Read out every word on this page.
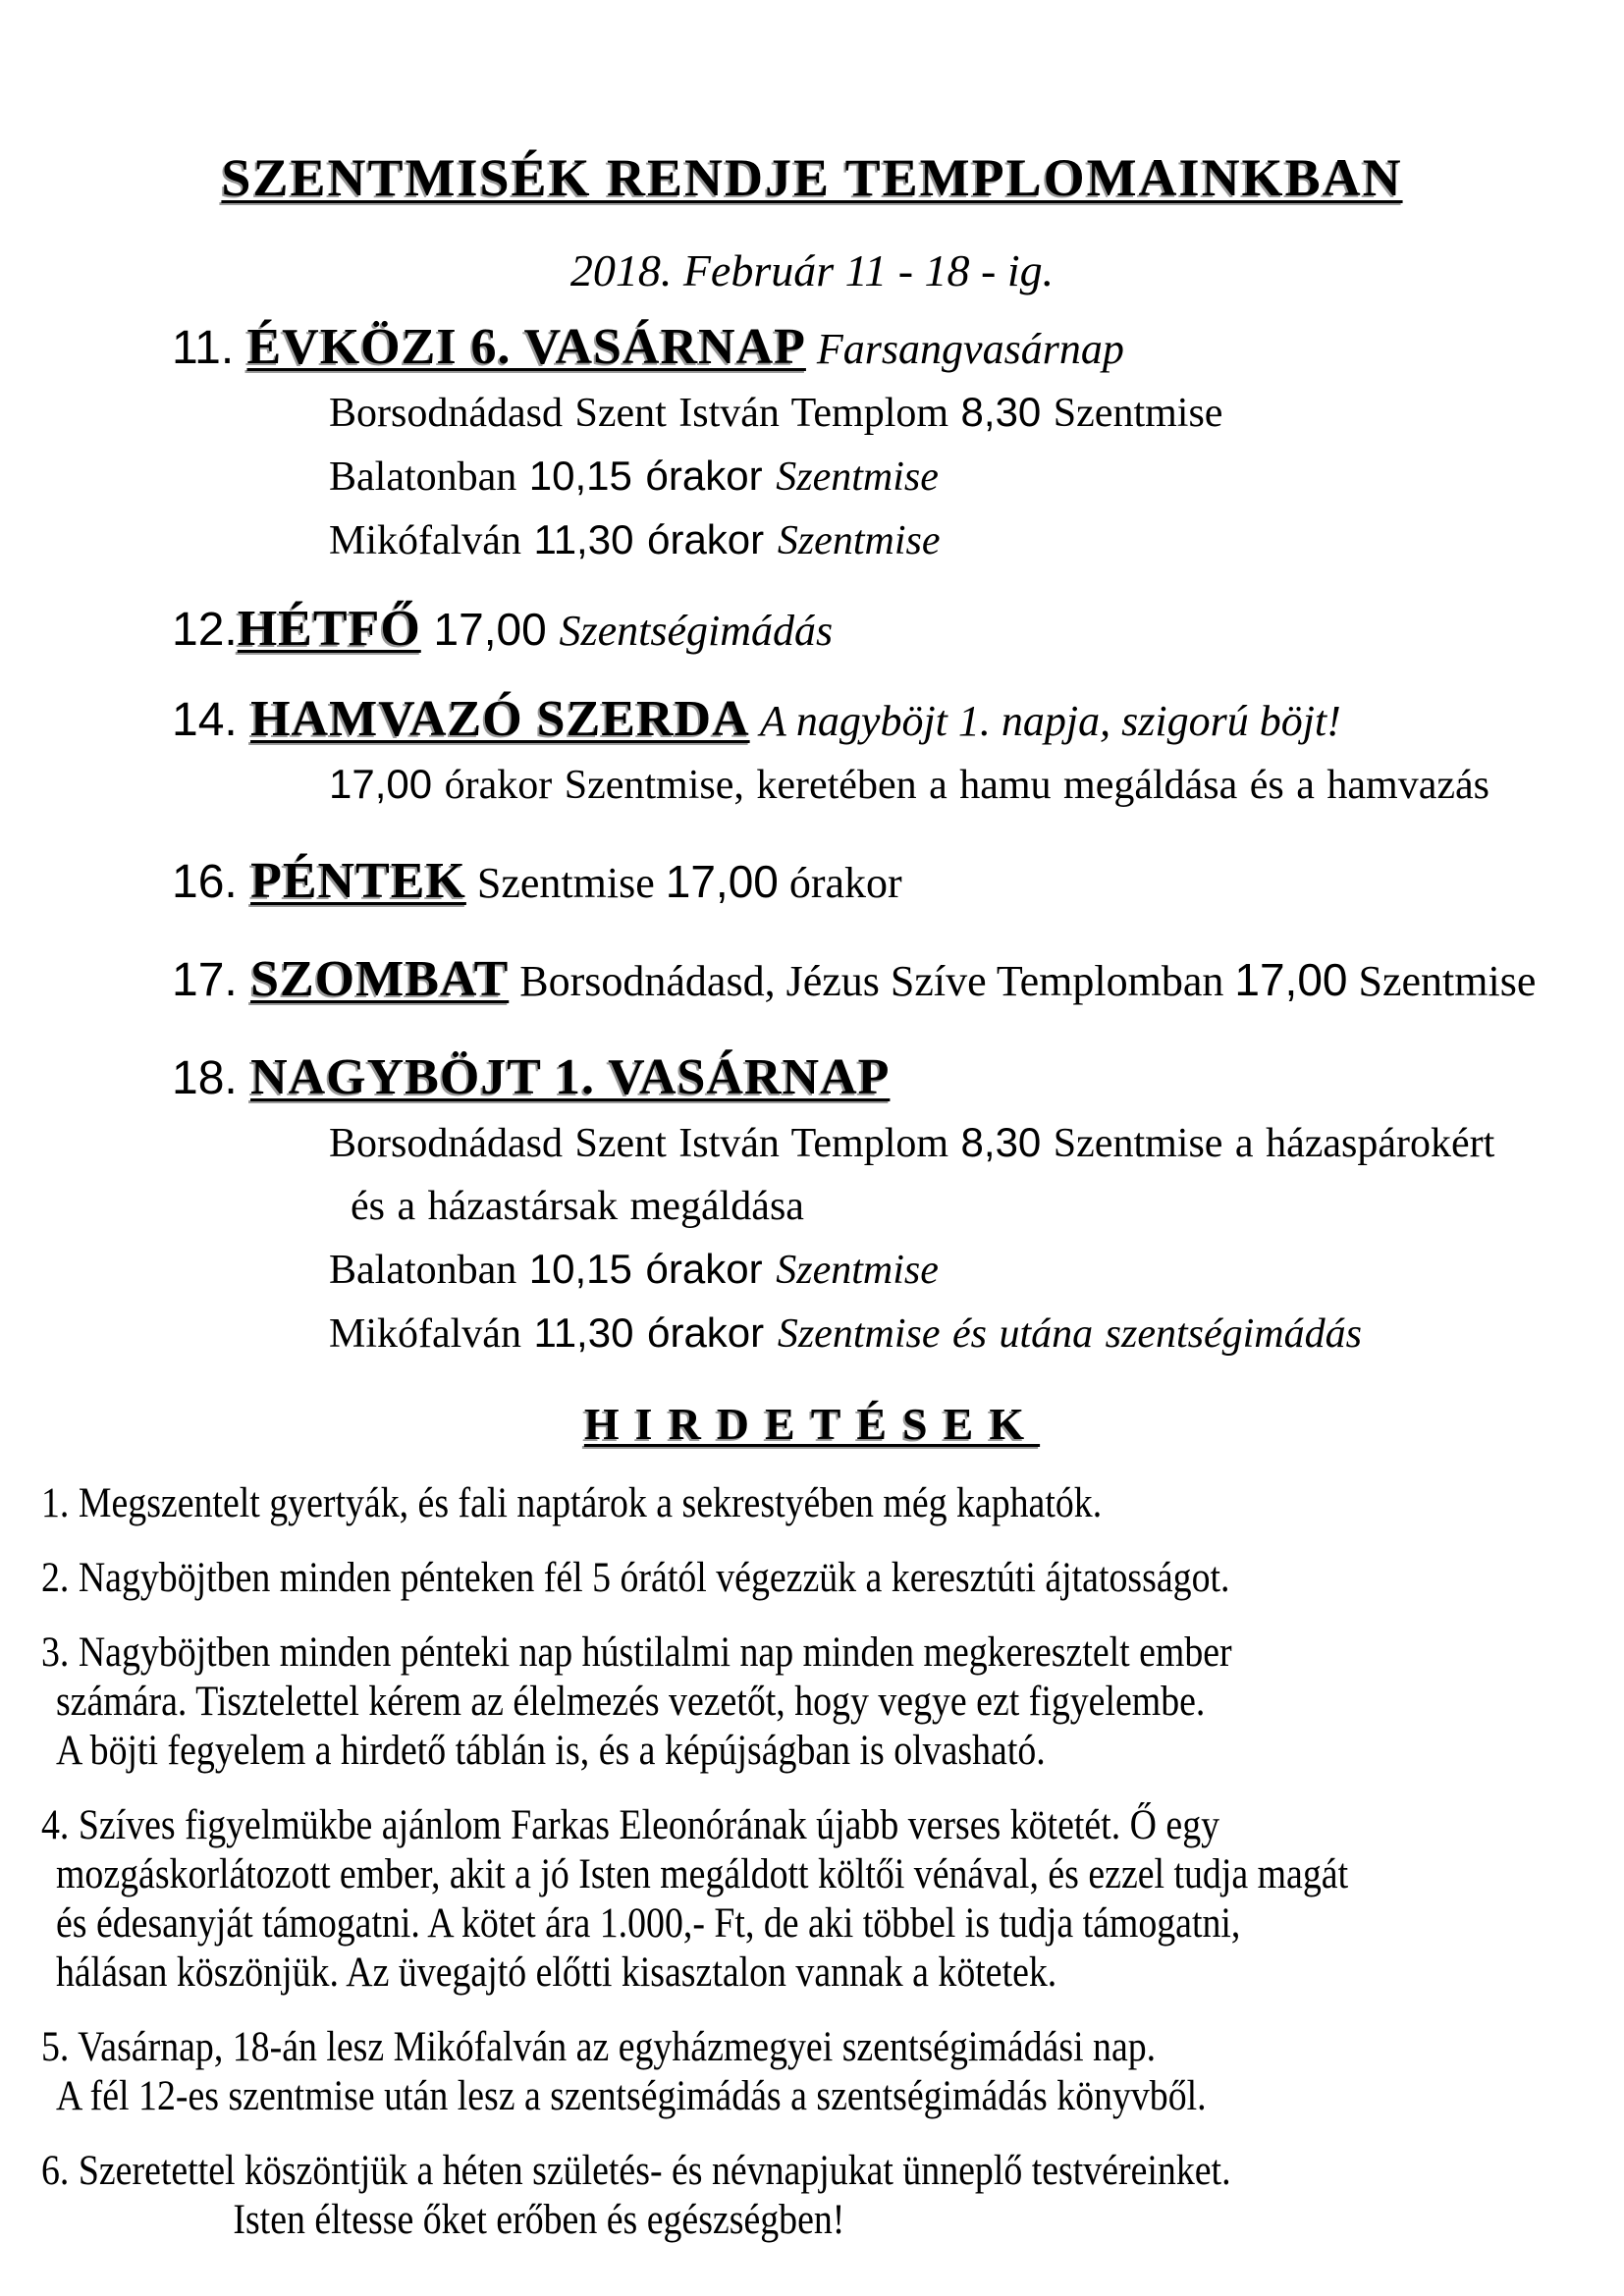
SZENTMISÉK RENDJE TEMPLOMAINKBAN
2018. Február 11 - 18 - ig.
11. ÉVKÖZI 6. VASÁRNAP Farsangvasárnap
Borsodnádasd Szent István Templom 8,30 Szentmise
Balatonban 10,15 órakor Szentmise
Mikófalván 11,30 órakor Szentmise
12.HÉTFŐ 17,00 Szentségimádás
14. HAMVAZÓ SZERDA A nagyböjt 1. napja, szigorú böjt!
17,00 órakor Szentmise, keretében a hamu megáldása és a hamvazás
16. PÉNTEK Szentmise 17,00 órakor
17. SZOMBAT Borsodnádasd, Jézus Szíve Templomban 17,00 Szentmise
18. NAGYBÖJT 1. VASÁRNAP
Borsodnádasd Szent István Templom 8,30 Szentmise a házaspárokért
és a házastársak megáldása
Balatonban 10,15 órakor Szentmise
Mikófalván 11,30 órakor Szentmise és utána szentségimádás
HIRDETÉSEK
1. Megszentelt gyertyák, és fali naptárok a sekrestyében még kaphatók.
2. Nagyböjtben minden pénteken fél 5 órától végezzük a keresztúti ájtatosságot.
3. Nagyböjtben minden pénteki nap hústilalmi nap minden megkeresztelt ember
számára. Tisztelettel kérem az élelmezés vezetőt, hogy vegye ezt figyelembe.
A böjti fegyelem a hirdető táblán is, és a képújságban is olvasható.
4. Szíves figyelmükbe ajánlom Farkas Eleonórának újabb verses kötetét. Ő egy
mozgáskorlátozott ember, akit a jó Isten megáldott költői vénával, és ezzel tudja magát
és édesanyját támogatni. A kötet ára 1.000,- Ft, de aki többel is tudja támogatni,
hálásan köszönjük. Az üvegajtó előtti kisasztalon vannak a kötetek.
5. Vasárnap, 18-án lesz Mikófalván az egyházmegyei szentségimádási nap.
A fél 12-es szentmise után lesz a szentségimádás a szentségimádás könyvből.
6. Szeretettel köszöntjük a héten születés- és névnapjukat ünneplő testvéreinket.
Isten éltesse őket erőben és egészségben!
